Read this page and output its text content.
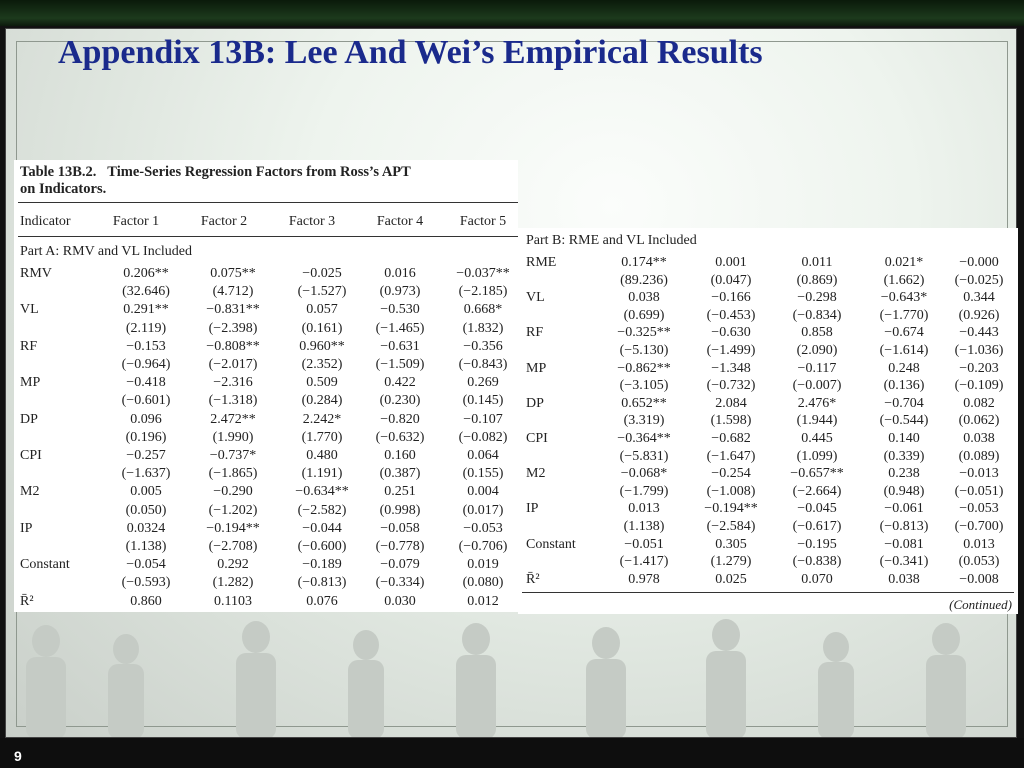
Appendix 13B: Lee And Wei’s Empirical Results
Table 13B.2. Time-Series Regression Factors from Ross’s APT
on Indicators.
Indicator	Factor 1	Factor 2	Factor 3	Factor 4	Factor 5
Part A: RMV and VL Included
RMV	0.206**	0.075**	−0.025	0.016	−0.037**
(32.646)	(4.712)	(−1.527) (0.973)	(−2.185)
VL	0.291**	−0.831**	0.057	−0.530	0.668*
(2.119)	(−2.398)	(0.161) (−1.465)	(1.832)
RF	−0.153	−0.808**	0.960**	−0.631	−0.356
(−0.964)	(−2.017)	(2.352) (−1.509) (−0.843)
MP	−0.418	−2.316	0.509	0.422	0.269
(−0.601)	(−1.318)	(0.284)	(0.230)	(0.145)
DP	0.096	2.472**	2.242*	−0.820	−0.107
(0.196)	(1.990)	(1.770) (−0.632) (−0.082)
CPI	−0.257	−0.737*	0.480	0.160	0.064
(−1.637)	(−1.865)	(1.191)	(0.387)	(0.155)
M2	0.005	−0.290	−0.634**	0.251	0.004
(0.050)	(−1.202)	(−2.582) (0.998)	(0.017)
IP	0.0324	−0.194**	−0.044	−0.058	−0.053
(1.138)	(−2.708)	(−0.600) (−0.778) (−0.706)
Constant	−0.054	0.292	−0.189	−0.079	0.019
(−0.593)	(1.282)	(−0.813) (−0.334)	(0.080)
R̄²	0.860	0.1103	0.076	0.030	0.012
Part B: RME and VL Included
RME	0.174**	0.001	0.011	0.021*	−0.000
(89.236)	(0.047)	(0.869)	(1.662) (−0.025)
VL	0.038	−0.166	−0.298	−0.643*	0.344
(0.699)	(−0.453)	(−0.834)	(−1.770) (0.926)
RF	−0.325**	−0.630	0.858	−0.674	−0.443
(−5.130)	(−1.499)	(2.090)	(−1.614) (−1.036)
MP	−0.862**	−1.348	−0.117	0.248	−0.203
(−3.105)	(−0.732)	(−0.007)	(0.136) (−0.109)
DP	0.652**	2.084	2.476*	−0.704	0.082
(3.319)	(1.598)	(1.944)	(−0.544) (0.062)
CPI	−0.364**	−0.682	0.445	0.140	0.038
(−5.831)	(−1.647)	(1.099)	(0.339) (0.089)
M2	−0.068*	−0.254	−0.657**	0.238	−0.013
(−1.799)	(−1.008)	(−2.664)	(0.948) (−0.051)
IP	0.013	−0.194**	−0.045	−0.061	−0.053
(1.138)	(−2.584)	(−0.617)	(−0.813) (−0.700)
Constant	−0.051	0.305	−0.195	−0.081	0.013
(−1.417)	(1.279)	(−0.838)	(−0.341) (0.053)
R̄²	0.978	0.025	0.070	0.038	−0.008
(Continued)
9
